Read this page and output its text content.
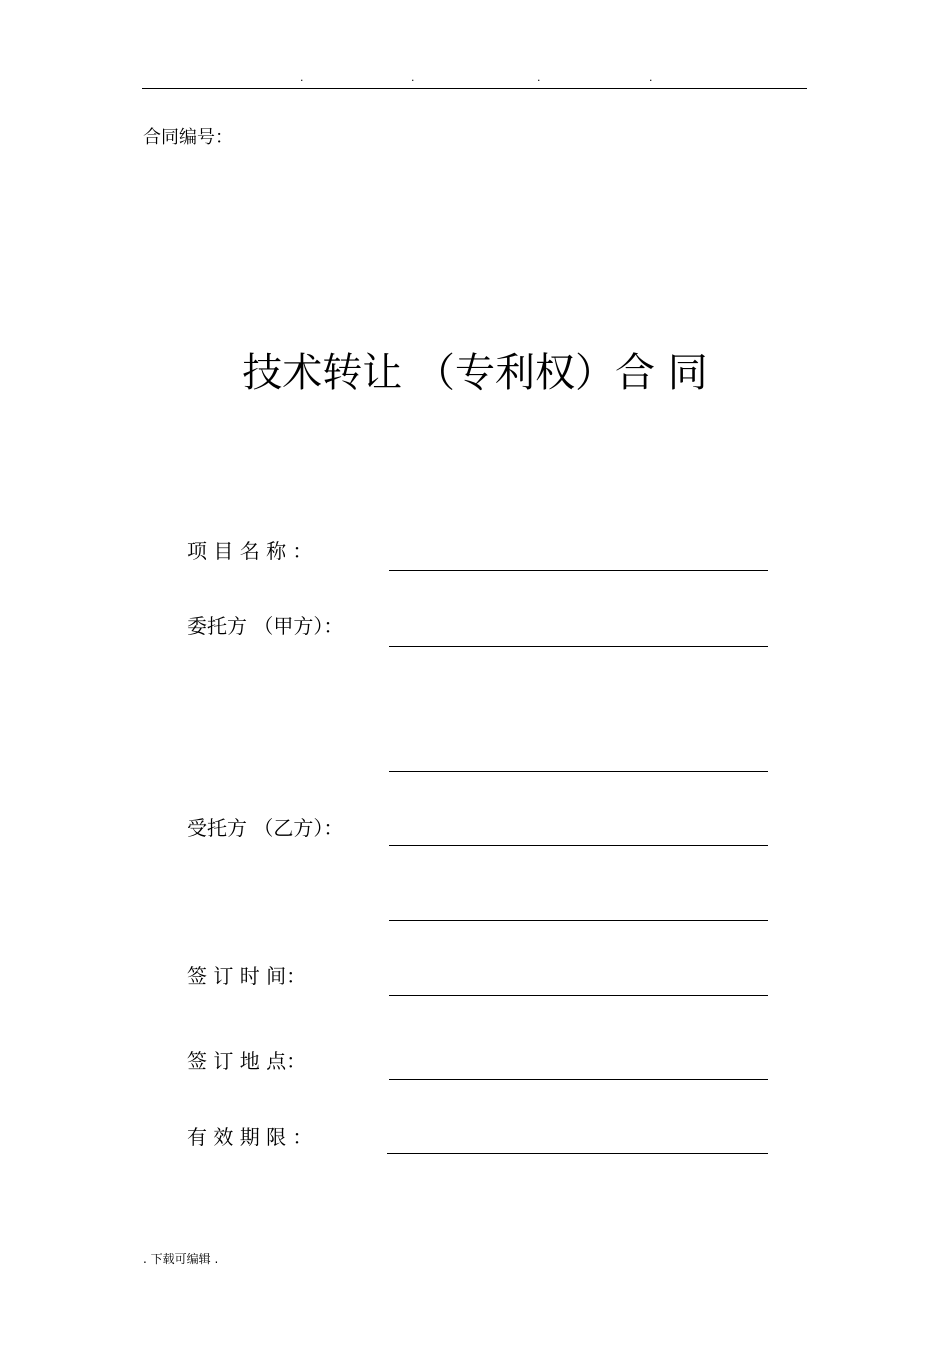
.	.	.	.
合同编号：
技术转让 （专利权）合 同
项 目 名 称 ：
委托方 （甲方）：
受托方 （乙方）：
签 订 时 间：
签 订 地 点：
有 效 期 限 ：
. 下载可编辑 .
